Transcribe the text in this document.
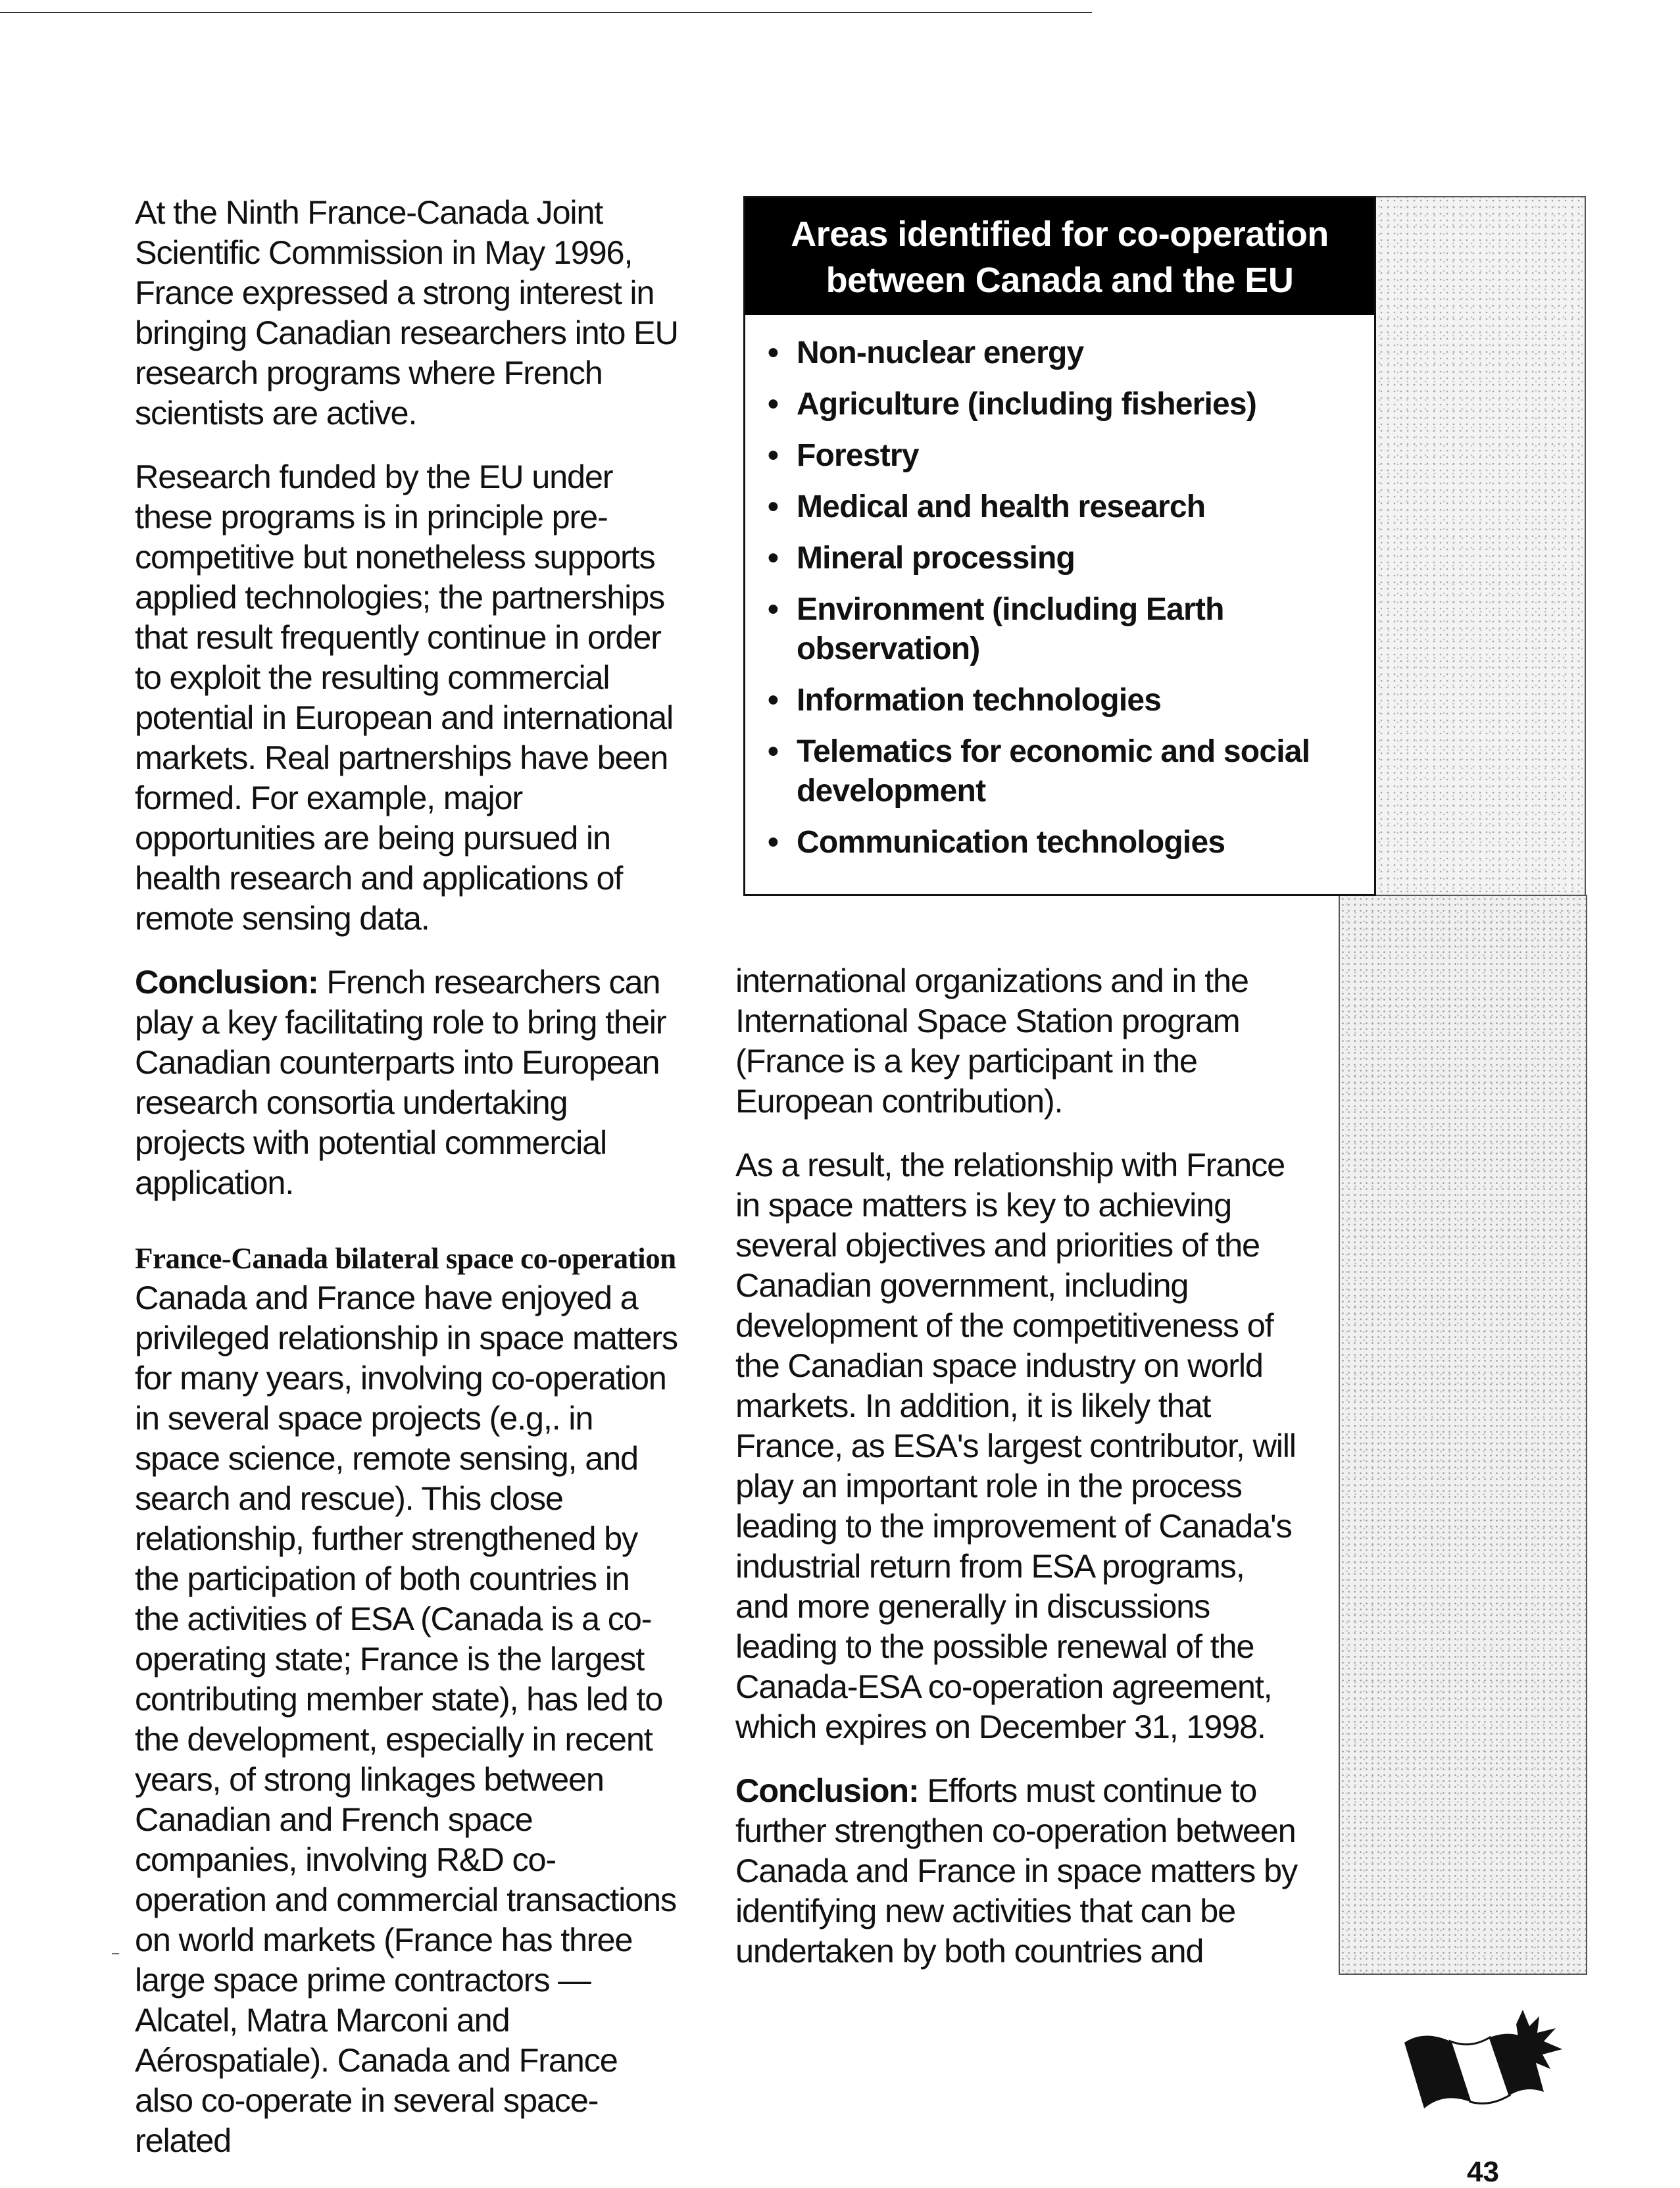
At the Ninth France-Canada Joint Scientific Commission in May 1996, France expressed a strong interest in bringing Canadian researchers into EU research programs where French scientists are active.

Research funded by the EU under these programs is in principle pre-competitive but nonetheless supports applied technologies; the partnerships that result frequently continue in order to exploit the resulting commercial potential in European and international markets. Real partnerships have been formed. For example, major opportunities are being pursued in health research and applications of remote sensing data.

Conclusion: French researchers can play a key facilitating role to bring their Canadian counterparts into European research consortia undertaking projects with potential commercial application.

France-Canada bilateral space co-operation

Canada and France have enjoyed a privileged relationship in space matters for many years, involving co-operation in several space projects (e.g,. in space science, remote sensing, and search and rescue). This close relationship, further strengthened by the participation of both countries in the activities of ESA (Canada is a co-operating state; France is the largest contributing member state), has led to the development, especially in recent years, of strong linkages between Canadian and French space companies, involving R&D co-operation and commercial transactions on world markets (France has three large space prime contractors — Alcatel, Matra Marconi and Aérospatiale). Canada and France also co-operate in several space-related

Areas identified for co-operation
between Canada and the EU
• Non-nuclear energy
• Agriculture (including fisheries)
• Forestry
• Medical and health research
• Mineral processing
• Environment (including Earth observation)
• Information technologies
• Telematics for economic and social development
• Communication technologies

international organizations and in the International Space Station program (France is a key participant in the European contribution).

As a result, the relationship with France in space matters is key to achieving several objectives and priorities of the Canadian government, including development of the competitiveness of the Canadian space industry on world markets. In addition, it is likely that France, as ESA's largest contributor, will play an important role in the process leading to the improvement of Canada's industrial return from ESA programs, and more generally in discussions leading to the possible renewal of the Canada-ESA co-operation agreement, which expires on December 31, 1998.

Conclusion: Efforts must continue to further strengthen co-operation between Canada and France in space matters by identifying new activities that can be undertaken by both countries and

–
43
